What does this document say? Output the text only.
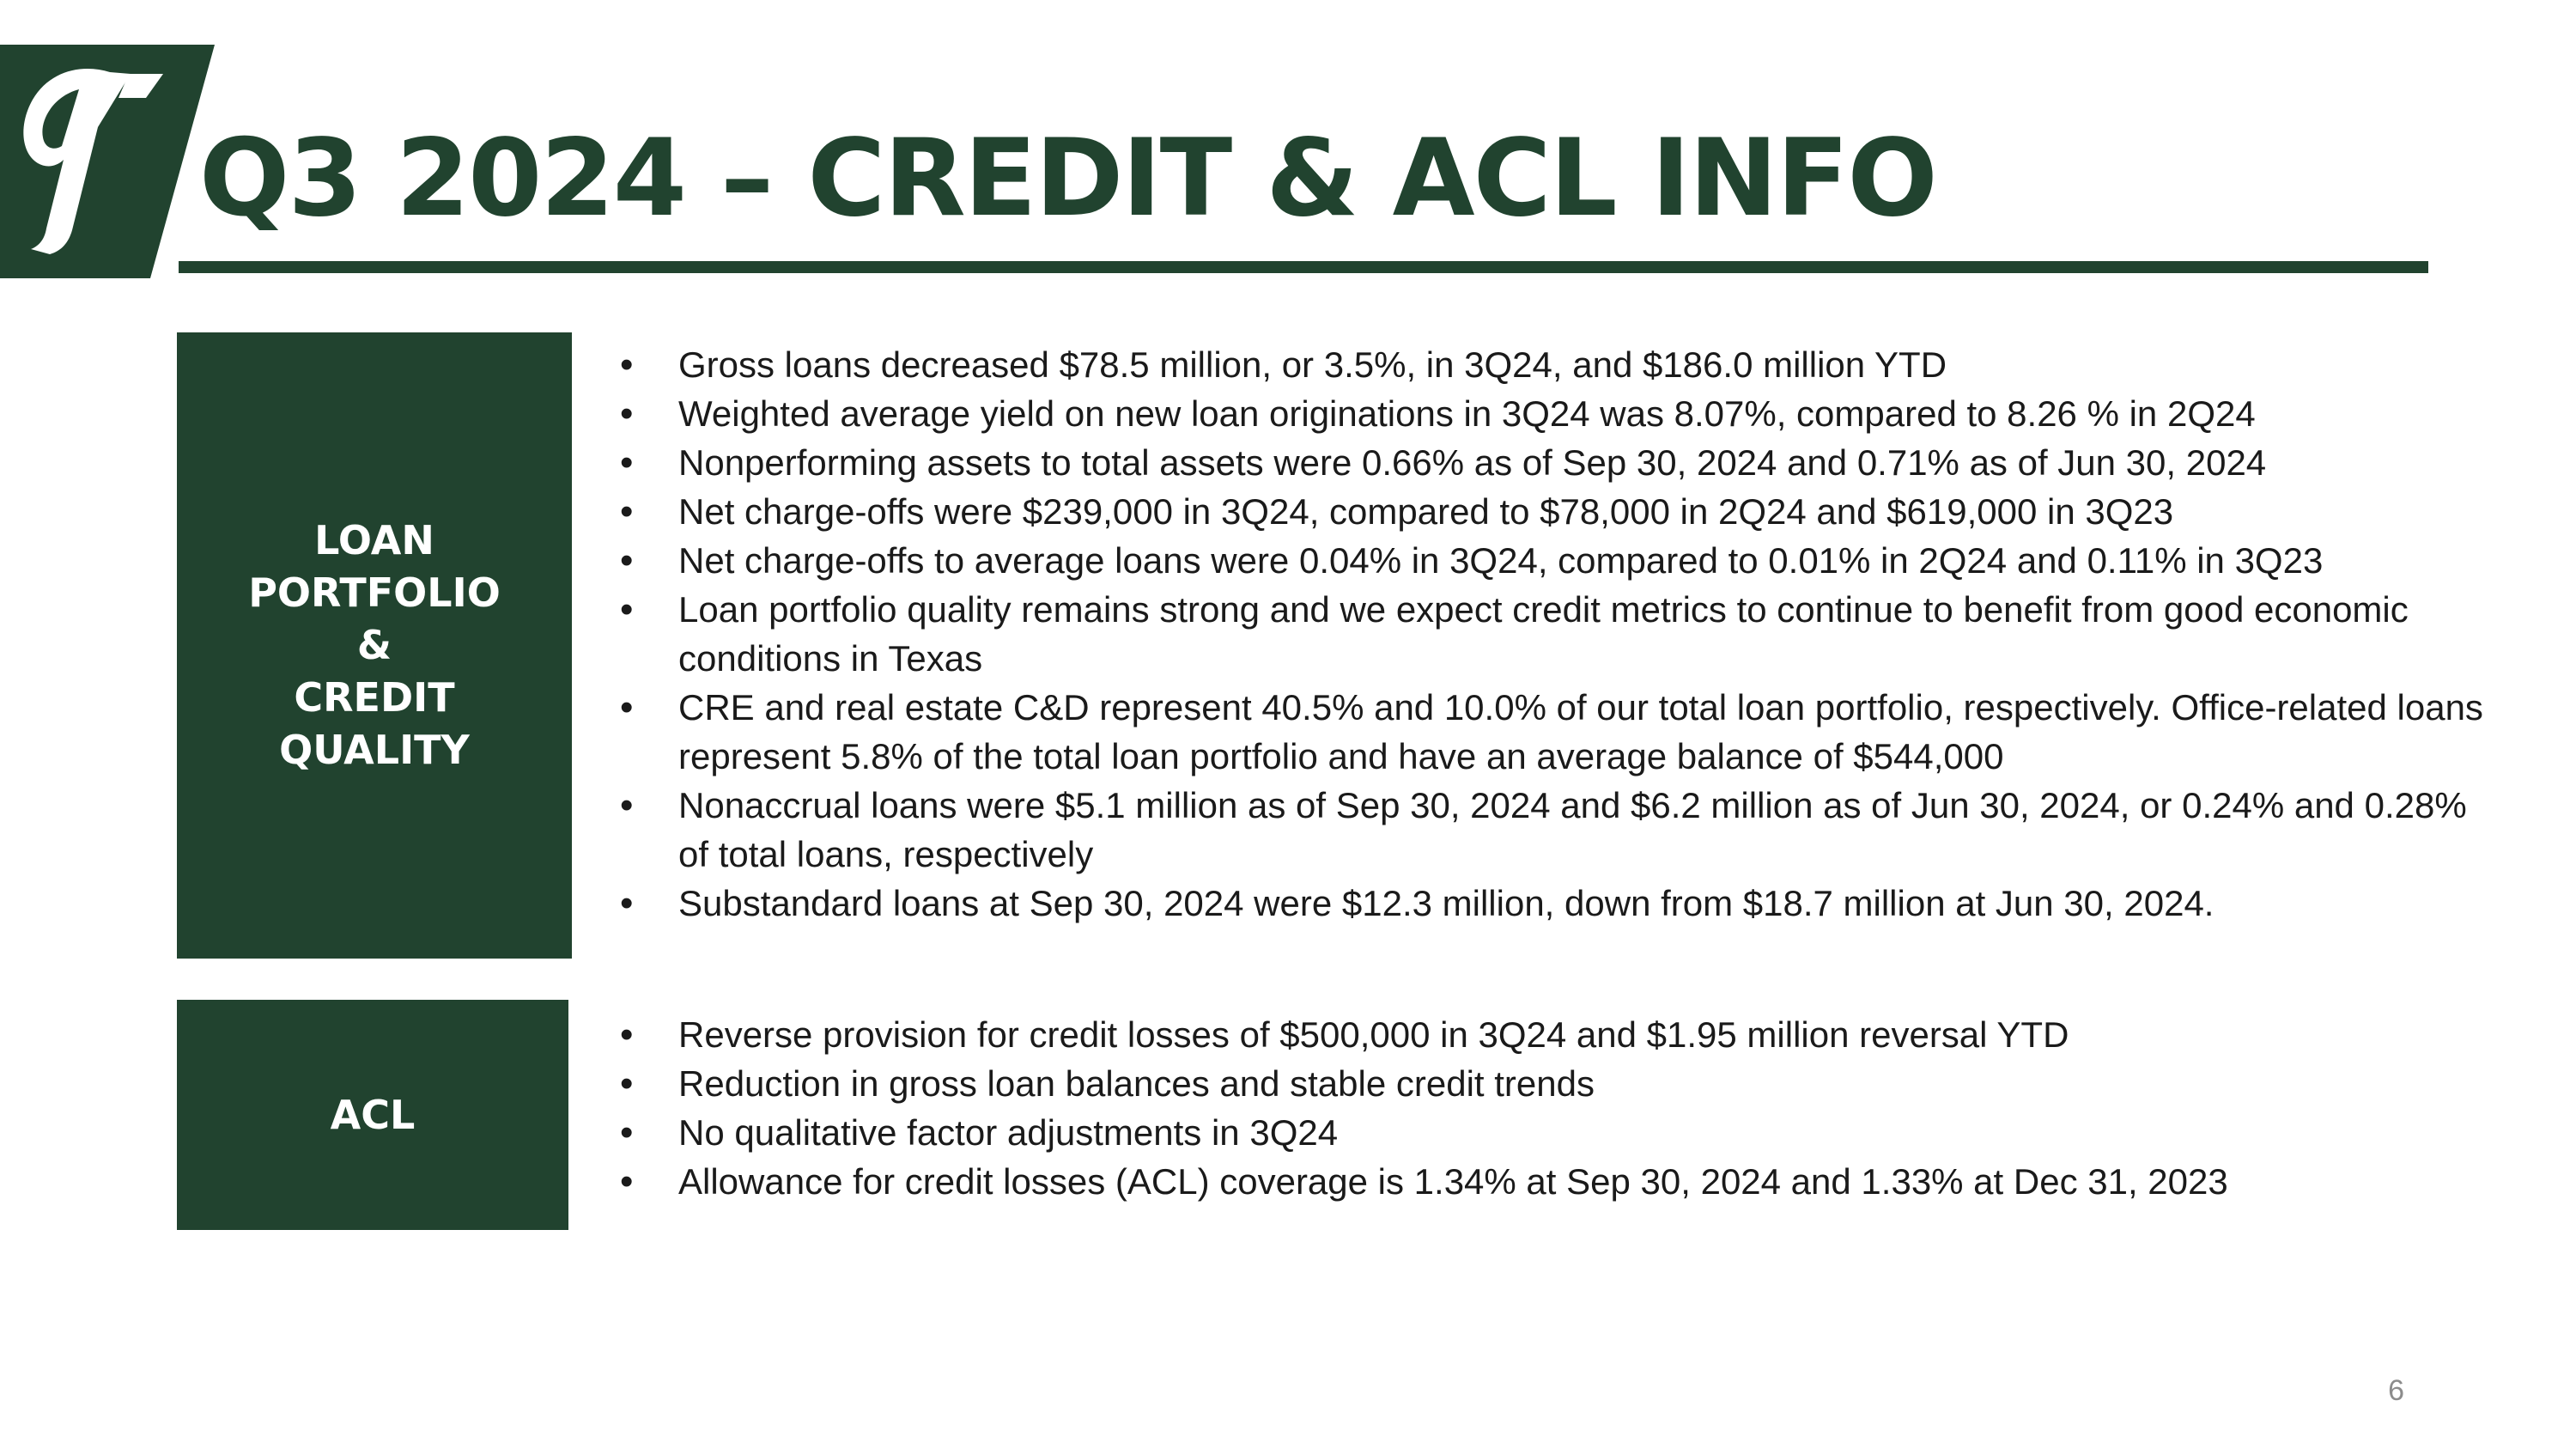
Q3 2024 – CREDIT & ACL INFO
LOAN
PORTFOLIO
&
CREDIT
QUALITY
• Gross loans decreased $78.5 million, or 3.5%, in 3Q24, and $186.0 million YTD
• Weighted average yield on new loan originations in 3Q24 was 8.07%, compared to 8.26 % in 2Q24
• Nonperforming assets to total assets were 0.66% as of Sep 30, 2024 and 0.71% as of Jun 30, 2024
• Net charge-offs were $239,000 in 3Q24, compared to $78,000 in 2Q24 and $619,000 in 3Q23
• Net charge-offs to average loans were 0.04% in 3Q24, compared to 0.01% in 2Q24 and 0.11% in 3Q23
• Loan portfolio quality remains strong and we expect credit metrics to continue to benefit from good economic conditions in Texas
• CRE and real estate C&D represent 40.5% and 10.0% of our total loan portfolio, respectively. Office-related loans represent 5.8% of the total loan portfolio and have an average balance of $544,000
• Nonaccrual loans were $5.1 million as of Sep 30, 2024 and $6.2 million as of Jun 30, 2024, or 0.24% and 0.28% of total loans, respectively
• Substandard loans at Sep 30, 2024 were $12.3 million, down from $18.7 million at Jun 30, 2024.
ACL
• Reverse provision for credit losses of $500,000 in 3Q24 and $1.95 million reversal YTD
• Reduction in gross loan balances and stable credit trends
• No qualitative factor adjustments in 3Q24
• Allowance for credit losses (ACL) coverage is 1.34% at Sep 30, 2024 and 1.33% at Dec 31, 2023
6
